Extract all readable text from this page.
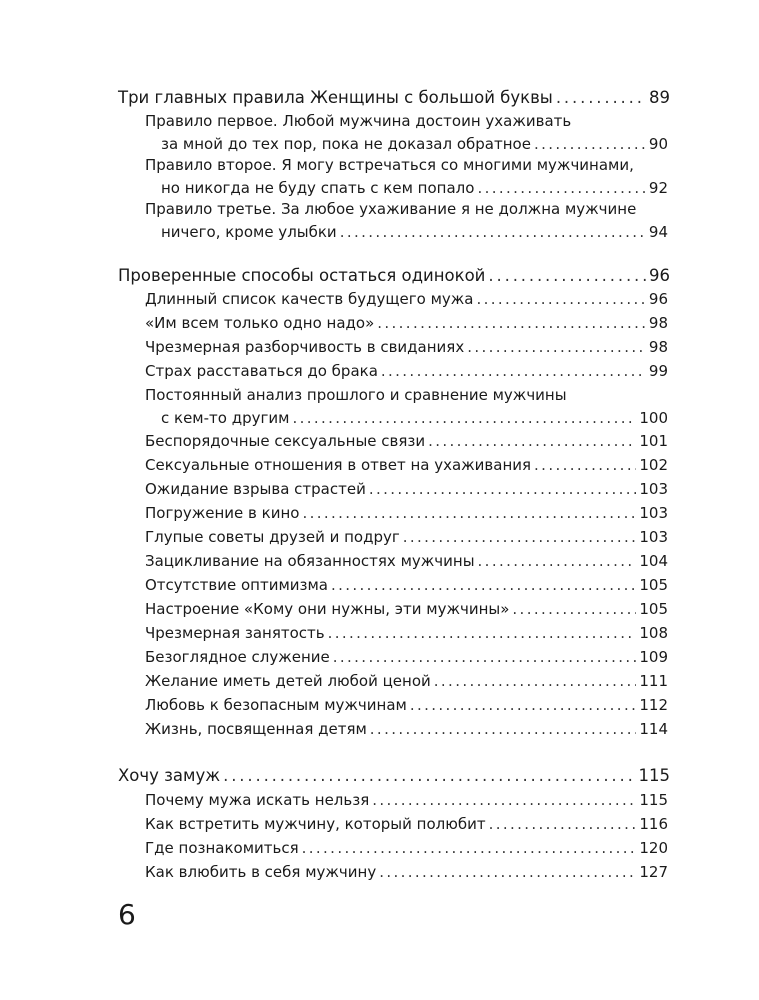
Три главных правила Женщины с большой буквы . . .	89
Правило первое. Любой мужчина достоин ухаживать
за мной до тех пор, пока не доказал обратное . . .	90
Правило второе. Я могу встречаться со многими мужчинами,
но никогда не буду спать с кем попало . . .	92
Правило третье. За любое ухаживание я не должна мужчине
ничего, кроме улыбки . . .	94
Проверенные способы остаться одинокой . . .	96
Длинный список качеств будущего мужа . . .	96
«Им всем только одно надо» . . .	98
Чрезмерная разборчивость в свиданиях . . .	98
Страх расставаться до брака . . .	99
Постоянный анализ прошлого и сравнение мужчины
с кем-то другим . . .	100
Беспорядочные сексуальные связи . . .	101
Сексуальные отношения в ответ на ухаживания . . .	102
Ожидание взрыва страстей . . .	103
Погружение в кино . . .	103
Глупые советы друзей и подруг . . .	103
Зацикливание на обязанностях мужчины . . .	104
Отсутствие оптимизма . . .	105
Настроение «Кому они нужны, эти мужчины» . . .	105
Чрезмерная занятость . . .	108
Безоглядное служение . . .	109
Желание иметь детей любой ценой . . .	111
Любовь к безопасным мужчинам . . .	112
Жизнь, посвященная детям . . .	114
Хочу замуж . . .	115
Почему мужа искать нельзя . . .	115
Как встретить мужчину, который полюбит . . .	116
Где познакомиться . . .	120
Как влюбить в себя мужчину . . .	127
6
